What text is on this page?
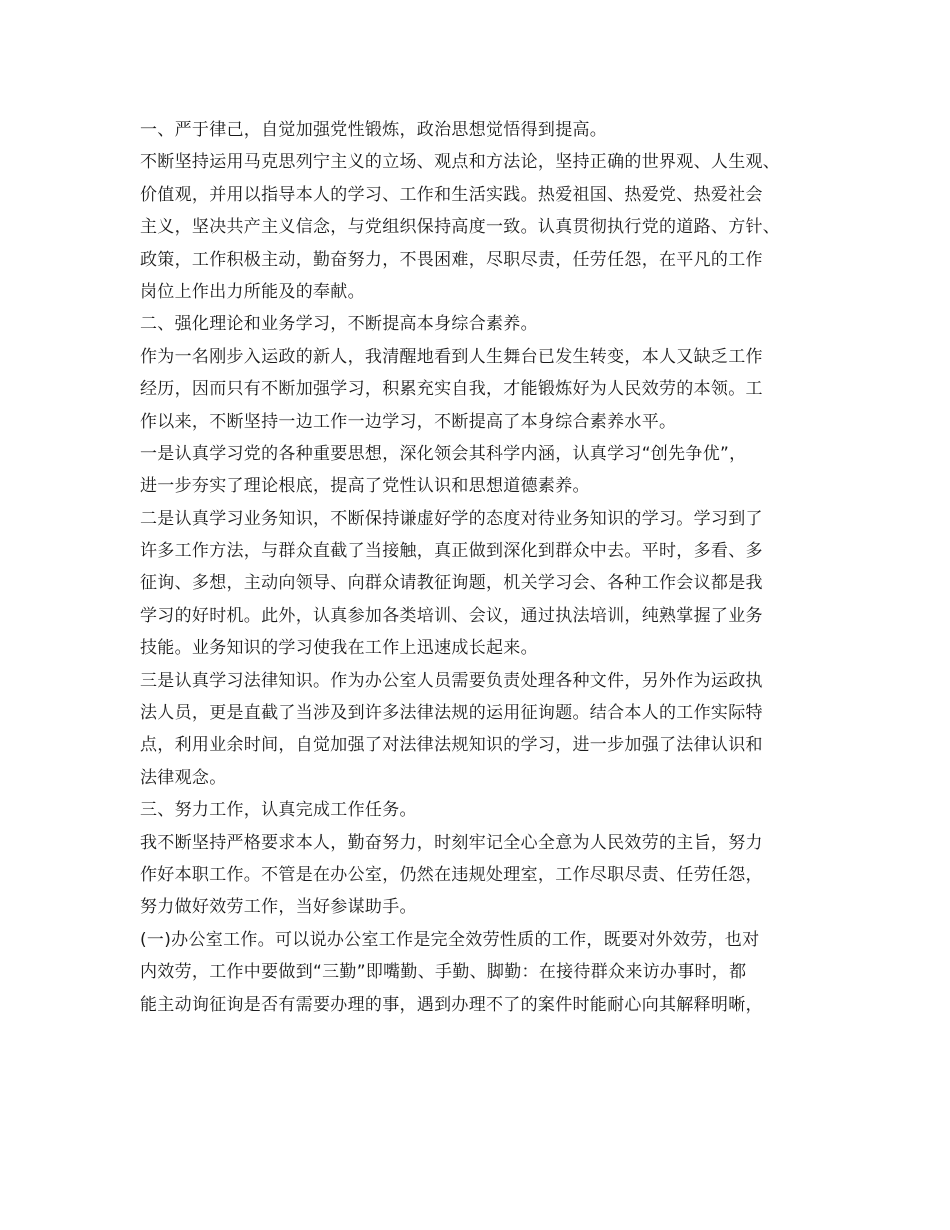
一、严于律己，自觉加强党性锻炼，政治思想觉悟得到提高。
不断坚持运用马克思列宁主义的立场、观点和方法论，坚持正确的世界观、人生观、
价值观，并用以指导本人的学习、工作和生活实践。热爱祖国、热爱党、热爱社会
主义，坚决共产主义信念，与党组织保持高度一致。认真贯彻执行党的道路、方针、
政策，工作积极主动，勤奋努力，不畏困难，尽职尽责，任劳任怨，在平凡的工作
岗位上作出力所能及的奉献。
二、强化理论和业务学习，不断提高本身综合素养。
作为一名刚步入运政的新人，我清醒地看到人生舞台已发生转变，本人又缺乏工作
经历，因而只有不断加强学习，积累充实自我，才能锻炼好为人民效劳的本领。工
作以来，不断坚持一边工作一边学习，不断提高了本身综合素养水平。
一是认真学习党的各种重要思想，深化领会其科学内涵，认真学习“创先争优”，
进一步夯实了理论根底，提高了党性认识和思想道德素养。
二是认真学习业务知识，不断保持谦虚好学的态度对待业务知识的学习。学习到了
许多工作方法，与群众直截了当接触，真正做到深化到群众中去。平时，多看、多
征询、多想，主动向领导、向群众请教征询题，机关学习会、各种工作会议都是我
学习的好时机。此外，认真参加各类培训、会议，通过执法培训，纯熟掌握了业务
技能。业务知识的学习使我在工作上迅速成长起来。
三是认真学习法律知识。作为办公室人员需要负责处理各种文件，另外作为运政执
法人员，更是直截了当涉及到许多法律法规的运用征询题。结合本人的工作实际特
点，利用业余时间，自觉加强了对法律法规知识的学习，进一步加强了法律认识和
法律观念。
三、努力工作，认真完成工作任务。
我不断坚持严格要求本人，勤奋努力，时刻牢记全心全意为人民效劳的主旨，努力
作好本职工作。不管是在办公室，仍然在违规处理室，工作尽职尽责、任劳任怨，
努力做好效劳工作，当好参谋助手。
(一)办公室工作。可以说办公室工作是完全效劳性质的工作，既要对外效劳，也对
内效劳，工作中要做到“三勤”即嘴勤、手勤、脚勤：在接待群众来访办事时，都
能主动询征询是否有需要办理的事，遇到办理不了的案件时能耐心向其解释明晰，
